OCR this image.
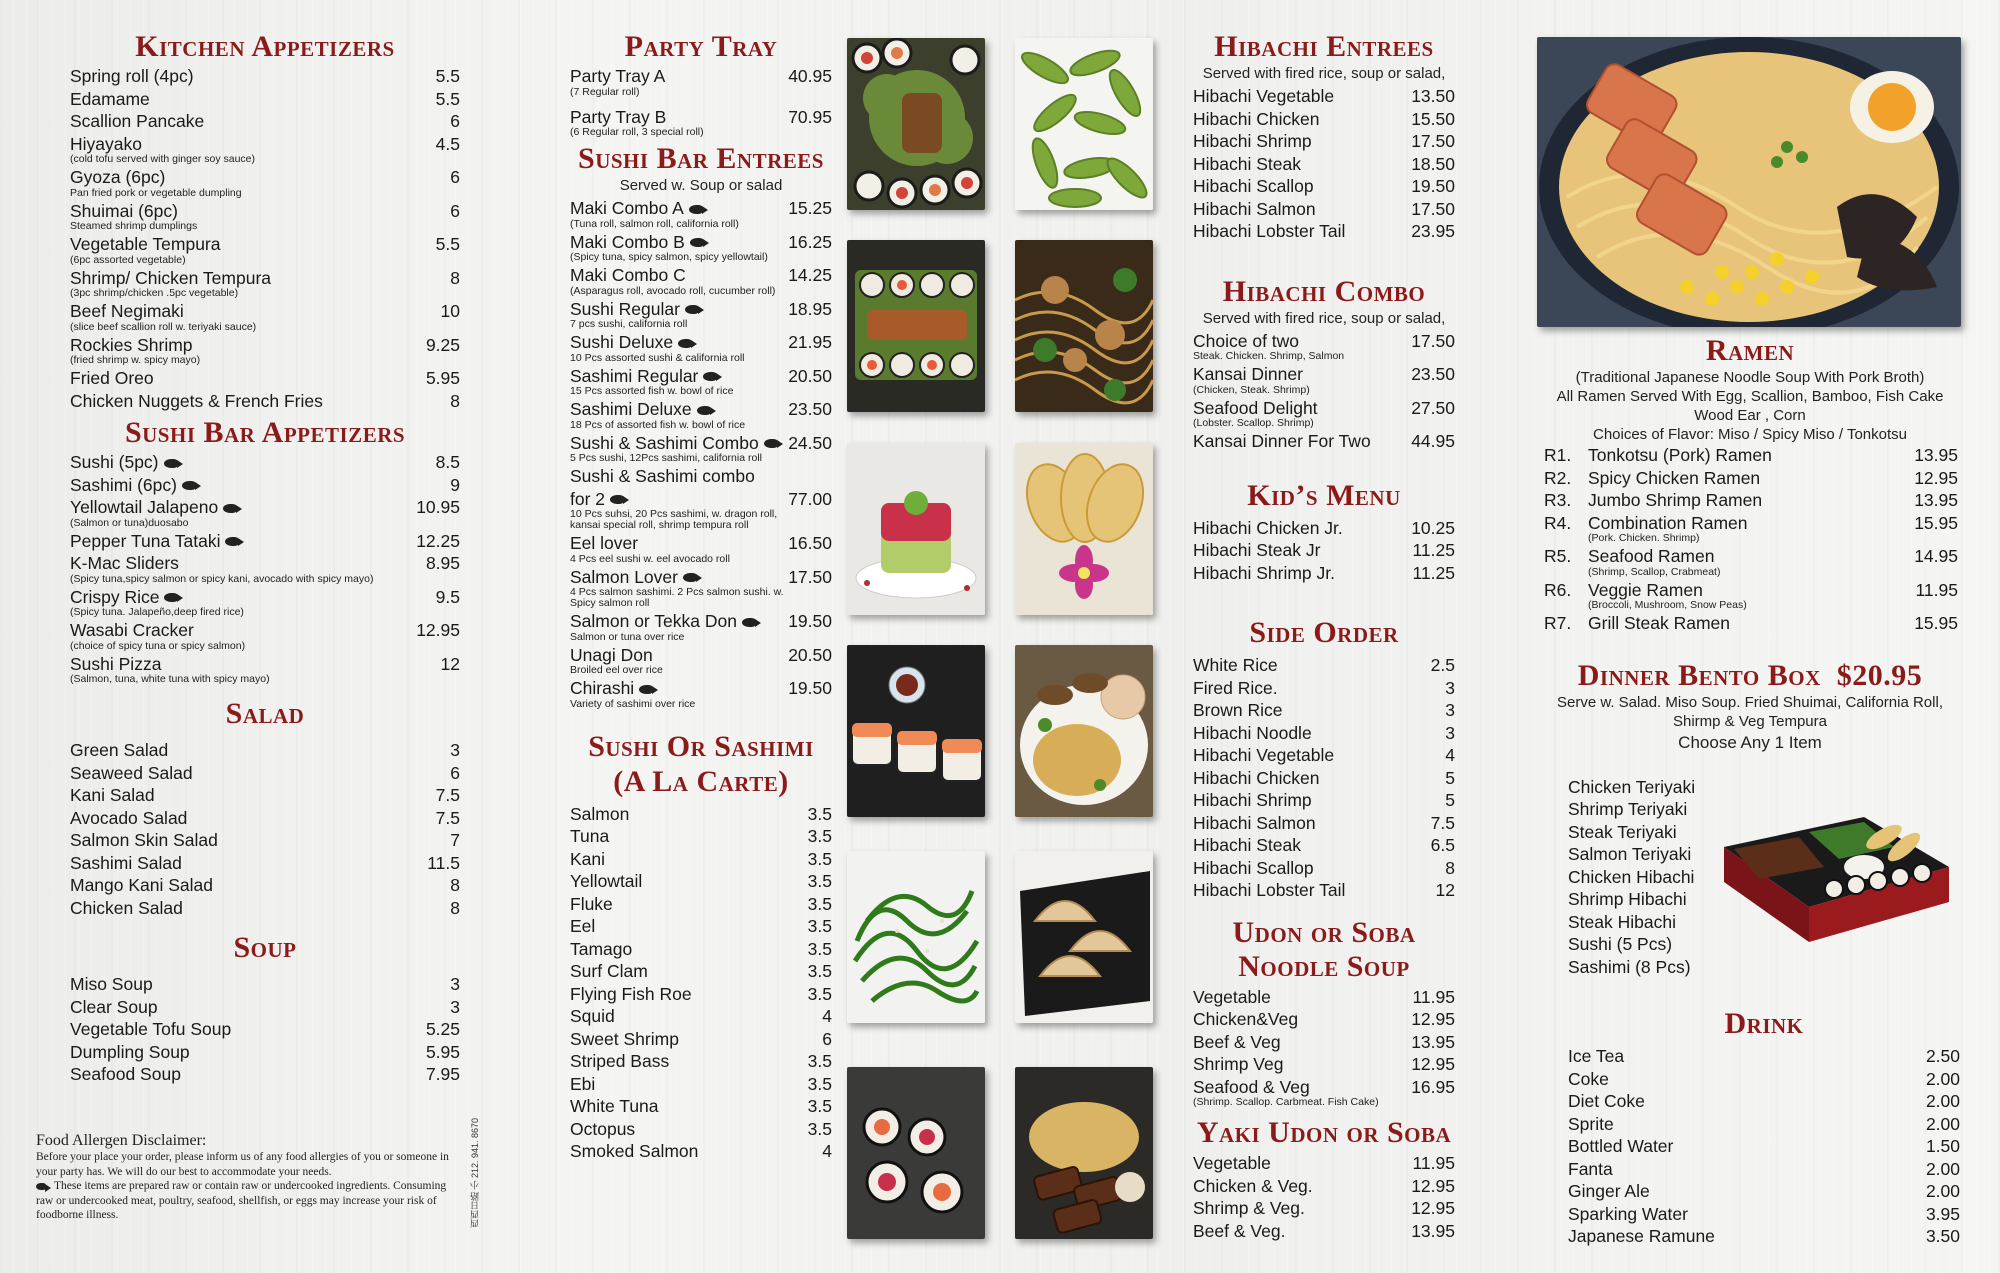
Kitchen Appetizers
Spring roll (4pc)	5.5
Edamame	5.5
Scallion Pancake	6
Hiyayako	4.5
(cold tofu served with ginger soy sauce)
Gyoza (6pc)	6
Pan fried pork or vegetable dumpling
Shuimai (6pc)	6
Steamed shrimp dumplings
Vegetable Tempura	5.5
(6pc assorted vegetable)
Shrimp/ Chicken Tempura	8
(3pc shrimp/chicken .5pc vegetable)
Beef Negimaki	10
(slice beef scallion roll w. teriyaki sauce)
Rockies Shrimp	9.25
(fried shrimp w. spicy mayo)
Fried Oreo	5.95
Chicken Nuggets & French Fries	8
Sushi Bar Appetizers
Sushi (5pc)	8.5
Sashimi (6pc)	9
Yellowtail Jalapeno	10.95
(Salmon or tuna)duosabo
Pepper Tuna Tataki	12.25
K-Mac Sliders	8.95
(Spicy tuna,spicy salmon or spicy kani, avocado with spicy mayo)
Crispy Rice	9.5
(Spicy tuna. Jalapeño,deep fired rice)
Wasabi Cracker	12.95
(choice of spicy tuna or spicy salmon)
Sushi Pizza	12
(Salmon, tuna, white tuna with spicy mayo)
Salad
Green Salad	3
Seaweed Salad	6
Kani Salad	7.5
Avocado Salad	7.5
Salmon Skin Salad	7
Sashimi Salad	11.5
Mango Kani Salad	8
Chicken Salad	8
Soup
Miso Soup	3
Clear Soup	3
Vegetable Tofu Soup	5.25
Dumpling Soup	5.95
Seafood Soup	7.95
Food Allergen Disclaimer:
Before your place your order, please inform us of any food allergies of you or someone in your party has. We will do our best to accommodate your needs.
These items are prepared raw or contain raw or undercooked ingredients. Consuming raw or undercooked meat, poultry, seafood, shellfish, or eggs may increase your risk of foodborne illness.	西西日路 小 212. 941. 8670
Party Tray
Party Tray A	40.95
(7 Regular roll)
Party Tray B	70.95
(6 Regular roll, 3 special roll)
Sushi Bar Entrees
Served w. Soup or salad
Maki Combo A	15.25
(Tuna roll, salmon roll, california roll)
Maki Combo B	16.25
(Spicy tuna, spicy salmon, spicy yellowtail)
Maki Combo C	14.25
(Asparagus roll, avocado roll, cucumber roll)
Sushi Regular	18.95
7 pcs sushi, california roll
Sushi Deluxe	21.95
10 Pcs assorted sushi & california roll
Sashimi Regular	20.50
15 Pcs assorted fish w. bowl of rice
Sashimi Deluxe	23.50
18 Pcs of assorted fish w. bowl of rice
Sushi & Sashimi Combo 24.50
5 Pcs sushi, 12Pcs sashimi, california roll
Sushi & Sashimi combo
for 2	77.00
10 Pcs suhsi, 20 Pcs sashimi, w. dragon roll,
kansai special roll, shrimp tempura roll
Eel lover	16.50
4 Pcs eel sushi w. eel avocado roll
Salmon Lover	17.50
4 Pcs salmon sashimi. 2 Pcs salmon sushi. w.
Spicy salmon roll
Salmon or Tekka Don	19.50
Salmon or tuna over rice
Unagi Don	20.50
Broiled eel over rice
Chirashi	19.50
Variety of sashimi over rice
Sushi Or Sashimi
(A La Carte)
Salmon	3.5
Tuna	3.5
Kani	3.5
Yellowtail	3.5
Fluke	3.5
Eel	3.5
Tamago	3.5
Surf Clam	3.5
Flying Fish Roe	3.5
Squid	4
Sweet Shrimp	6
Striped Bass	3.5
Ebi	3.5
White Tuna	3.5
Octopus	3.5
Smoked Salmon	4
Hibachi Entrees
Served with fired rice, soup or salad,
Hibachi Vegetable	13.50
Hibachi Chicken	15.50
Hibachi Shrimp	17.50
Hibachi Steak	18.50
Hibachi Scallop	19.50
Hibachi Salmon	17.50
Hibachi Lobster Tail	23.95
Hibachi Combo
Served with fired rice, soup or salad,
Choice of two	17.50
Steak. Chicken. Shrimp, Salmon
Kansai Dinner	23.50
(Chicken, Steak. Shrimp)
Seafood Delight	27.50
(Lobster. Scallop. Shrimp)
Kansai Dinner For Two 44.95
Kid’s Menu
Hibachi Chicken Jr.	10.25
Hibachi Steak Jr	11.25
Hibachi Shrimp Jr.	11.25
Side Order
White Rice	2.5
Fired Rice.	3
Brown Rice	3
Hibachi Noodle	3
Hibachi Vegetable	4
Hibachi Chicken	5
Hibachi Shrimp	5
Hibachi Salmon	7.5
Hibachi Steak	6.5
Hibachi Scallop	8
Hibachi Lobster Tail	12
Udon or Soba
Noodle Soup
Vegetable	11.95
Chicken&Veg	12.95
Beef & Veg	13.95
Shrimp Veg	12.95
Seafood & Veg	16.95
(Shrimp. Scallop. Carbmeat. Fish Cake)
Yaki Udon or Soba
Vegetable	11.95
Chicken & Veg.	12.95
Shrimp & Veg.	12.95
Beef & Veg.	13.95
Ramen
(Traditional Japanese Noodle Soup With Pork Broth)
All Ramen Served With Egg, Scallion, Bamboo, Fish Cake
Wood Ear , Corn
Choices of Flavor: Miso / Spicy Miso / Tonkotsu
R1. Tonkotsu (Pork) Ramen	13.95
R2. Spicy Chicken Ramen	12.95
R3. Jumbo Shrimp Ramen	13.95
R4. Combination Ramen	15.95
(Pork. Chicken. Shrimp)
R5. Seafood Ramen	14.95
(Shrimp, Scallop, Crabmeat)
R6. Veggie Ramen	11.95
(Broccoli, Mushroom, Snow Peas)
R7. Grill Steak Ramen	15.95
Dinner Bento Box $20.95
Serve w. Salad. Miso Soup. Fried Shuimai, California Roll,
Shirmp & Veg Tempura
Choose Any 1 Item
Chicken Teriyaki
Shrimp Teriyaki
Steak Teriyaki
Salmon Teriyaki
Chicken Hibachi
Shrimp Hibachi
Steak Hibachi
Sushi (5 Pcs)
Sashimi (8 Pcs)
Drink
Ice Tea	2.50
Coke	2.00
Diet Coke	2.00
Sprite	2.00
Bottled Water	1.50
Fanta	2.00
Ginger Ale	2.00
Sparking Water	3.95
Japanese Ramune	3.50
